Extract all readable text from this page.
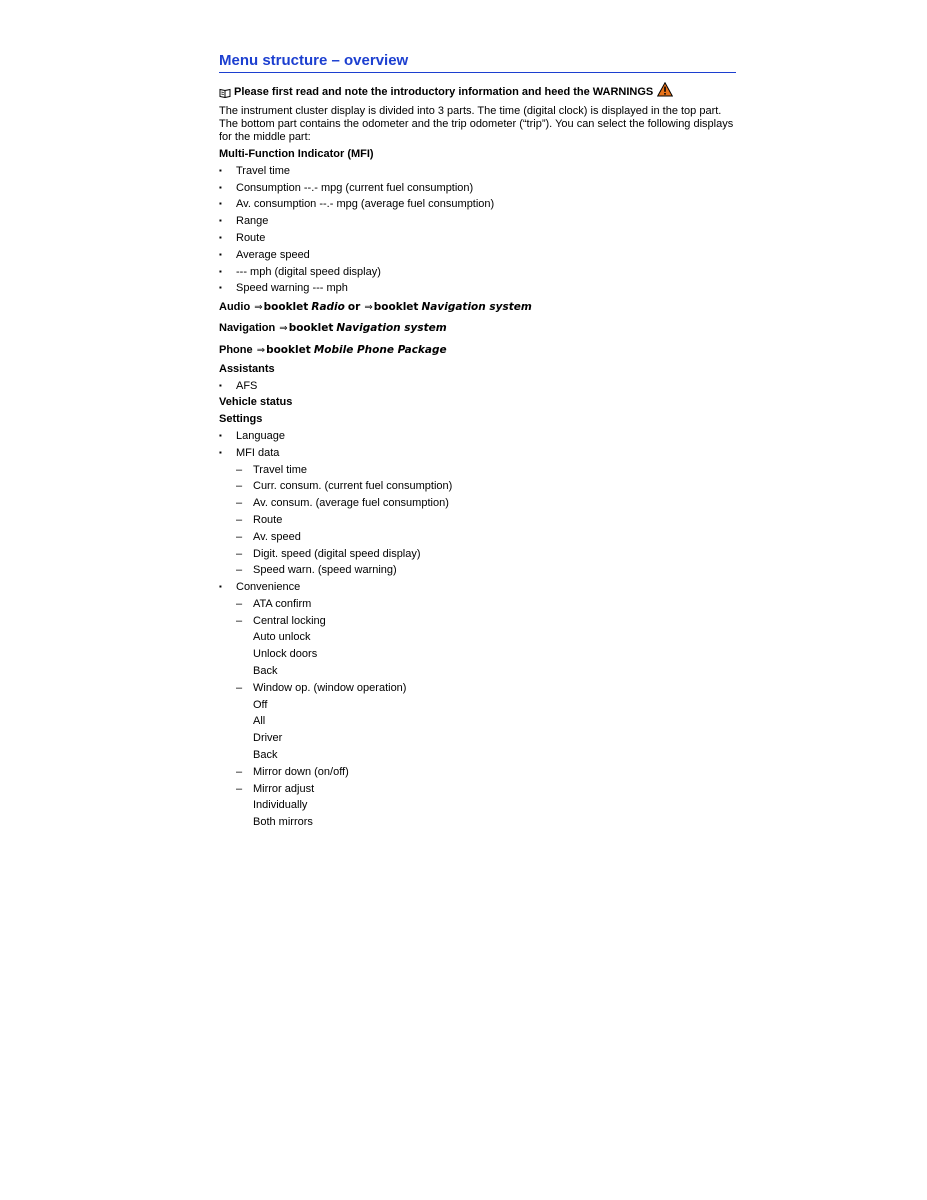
Menu structure – overview
Please first read and note the introductory information and heed the WARNINGS
The instrument cluster display is divided into 3 parts. The time (digital clock) is displayed in the top part. The bottom part contains the odometer and the trip odometer (“trip”). You can select the following displays for the middle part:
Multi-Function Indicator (MFI)
▪ Travel time
▪ Consumption --.- mpg (current fuel consumption)
▪ Av. consumption --.- mpg (average fuel consumption)
▪ Range
▪ Route
▪ Average speed
▪ --- mph (digital speed display)
▪ Speed warning --- mph
Audio ⇒booklet Radio or ⇒booklet Navigation system
Navigation ⇒booklet Navigation system
Phone ⇒booklet Mobile Phone Package
Assistants
▪ AFS
Vehicle status
Settings
▪ Language
▪ MFI data
– Travel time
– Curr. consum. (current fuel consumption)
– Av. consum. (average fuel consumption)
– Route
– Av. speed
– Digit. speed (digital speed display)
– Speed warn. (speed warning)
▪ Convenience
– ATA confirm
– Central locking
Auto unlock
Unlock doors
Back
– Window op. (window operation)
Off
All
Driver
Back
– Mirror down (on/off)
– Mirror adjust
Individually
Both mirrors
